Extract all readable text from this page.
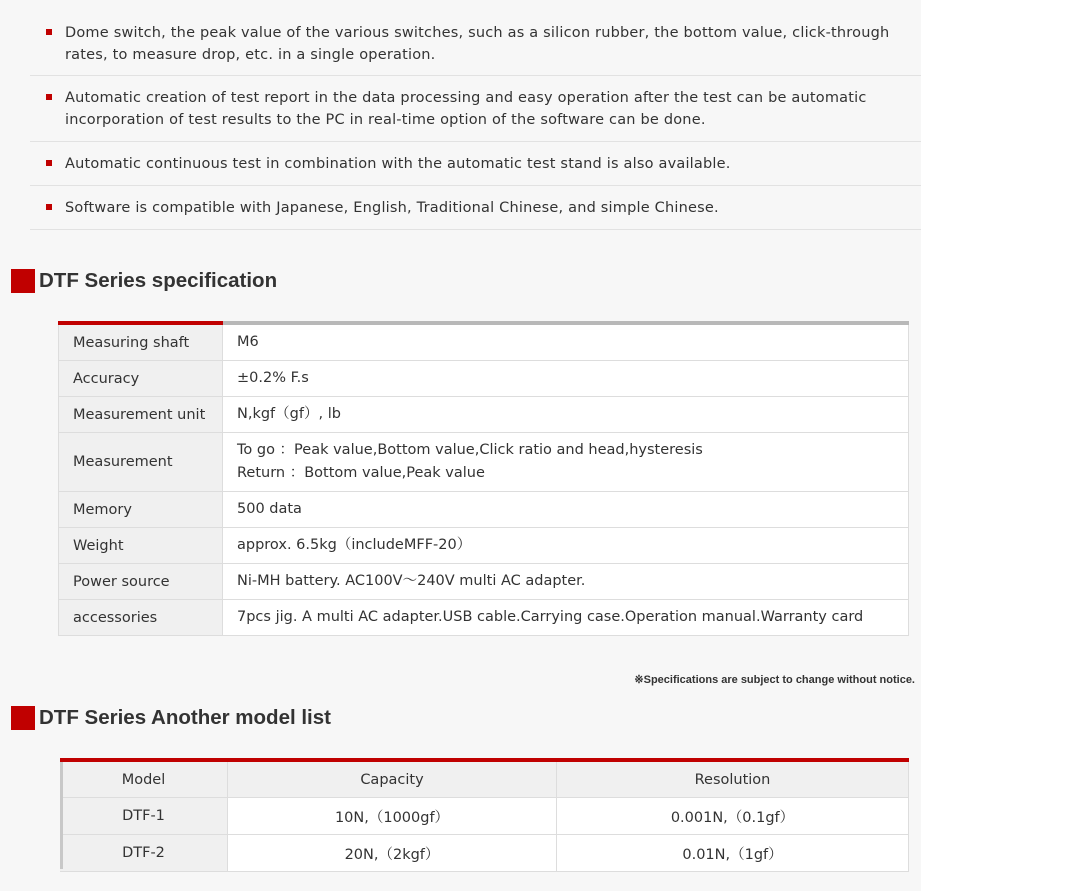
Dome switch, the peak value of the various switches, such as a silicon rubber, the bottom value, click-through rates, to measure drop, etc. in a single operation.
Automatic creation of test report in the data processing and easy operation after the test can be automatic incorporation of test results to the PC in real-time option of the software can be done.
Automatic continuous test in combination with the automatic test stand is also available.
Software is compatible with Japanese, English, Traditional Chinese, and simple Chinese.
DTF Series specification
Measuring shaft	M6
Accuracy	±0.2% F.s
Measurement unit	N,kgf（gf）, lb
Measurement
To go ：Peak value,Bottom value,Click ratio and head,hysteresis
Return ：Bottom value,Peak value
Memory	500 data
Weight	approx. 6.5kg（includeMFF-20）
Power source	Ni-MH battery. AC100V～240V multi AC adapter.
accessories	7pcs jig. A multi AC adapter.USB cable.Carrying case.Operation manual.Warranty card
※Specifications are subject to change without notice.
DTF Series Another model list
Model	Capacity	Resolution
DTF-1	10N,（1000gf）	0.001N,（0.1gf）
DTF-2	20N,（2kgf）	0.01N,（1gf）
